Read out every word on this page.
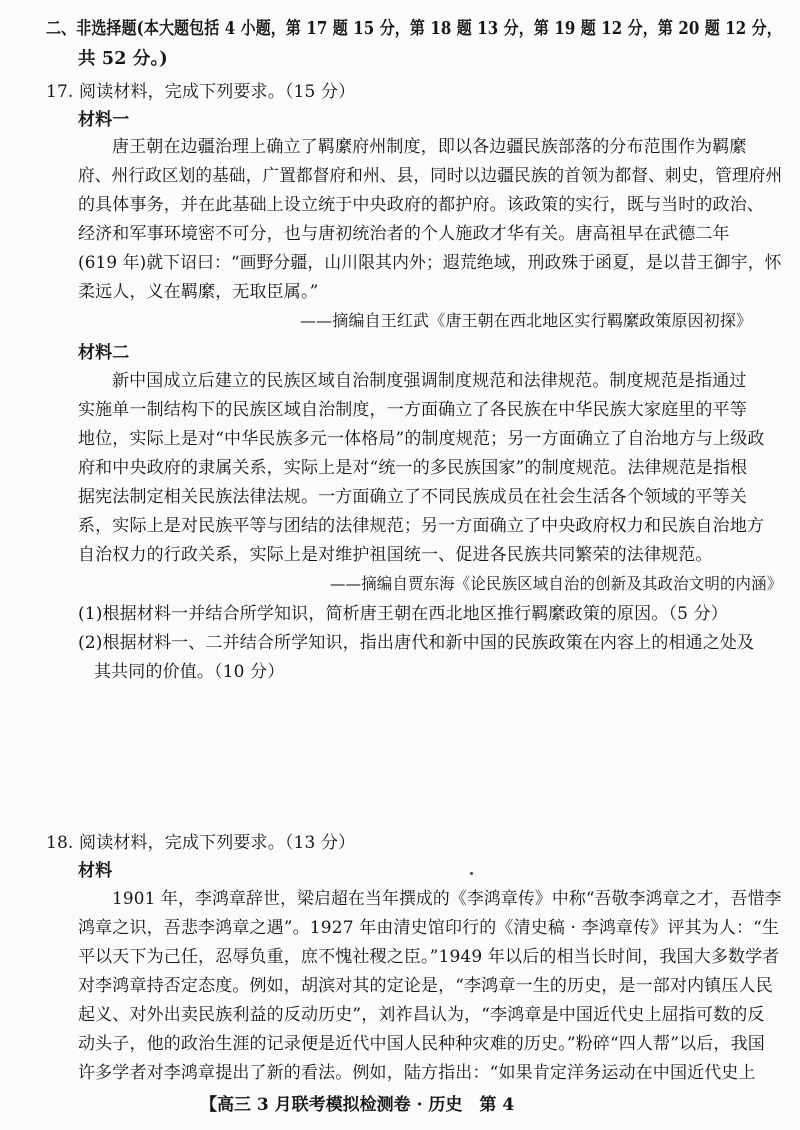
二、非选择题(本大题包括 4 小题，第 17 题 15 分，第 18 题 13 分，第 19 题 12 分，第 20 题 12 分，
共 52 分。)
17. 阅读材料，完成下列要求。（15 分）
材料一
唐王朝在边疆治理上确立了羁縻府州制度，即以各边疆民族部落的分布范围作为羁縻
府、州行政区划的基础，广置都督府和州、县，同时以边疆民族的首领为都督、刺史，管理府州
的具体事务，并在此基础上设立统于中央政府的都护府。该政策的实行，既与当时的政治、
经济和军事环境密不可分，也与唐初统治者的个人施政才华有关。唐高祖早在武德二年
(619 年)就下诏曰：“画野分疆，山川限其内外；遐荒绝域，刑政殊于函夏，是以昔王御宇，怀
柔远人，义在羁縻，无取臣属。”
——摘编自王红武《唐王朝在西北地区实行羁縻政策原因初探》
材料二
新中国成立后建立的民族区域自治制度强调制度规范和法律规范。制度规范是指通过
实施单一制结构下的民族区域自治制度，一方面确立了各民族在中华民族大家庭里的平等
地位，实际上是对“中华民族多元一体格局”的制度规范；另一方面确立了自治地方与上级政
府和中央政府的隶属关系，实际上是对“统一的多民族国家”的制度规范。法律规范是指根
据宪法制定相关民族法律法规。一方面确立了不同民族成员在社会生活各个领域的平等关
系，实际上是对民族平等与团结的法律规范；另一方面确立了中央政府权力和民族自治地方
自治权力的行政关系，实际上是对维护祖国统一、促进各民族共同繁荣的法律规范。
——摘编自贾东海《论民族区域自治的创新及其政治文明的内涵》
(1)根据材料一并结合所学知识，简析唐王朝在西北地区推行羁縻政策的原因。（5 分）
(2)根据材料一、二并结合所学知识，指出唐代和新中国的民族政策在内容上的相通之处及
其共同的价值。（10 分）
18. 阅读材料，完成下列要求。（13 分）
材料
1901 年，李鸿章辞世，梁启超在当年撰成的《李鸿章传》中称“吾敬李鸿章之才，吾惜李
鸿章之识，吾悲李鸿章之遇”。1927 年由清史馆印行的《清史稿 · 李鸿章传》评其为人：“生
平以天下为己任，忍辱负重，庶不愧社稷之臣。”1949 年以后的相当长时间，我国大多数学者
对李鸿章持否定态度。例如，胡滨对其的定论是，“李鸿章一生的历史，是一部对内镇压人民
起义、对外出卖民族利益的反动历史”，刘祚昌认为，“李鸿章是中国近代史上屈指可数的反
动头子，他的政治生涯的记录便是近代中国人民种种灾难的历史。”粉碎“四人帮”以后，我国
许多学者对李鸿章提出了新的看法。例如，陆方指出：“如果肯定洋务运动在中国近代史上
【高三 3 月联考模拟检测卷 · 历史　第 4
